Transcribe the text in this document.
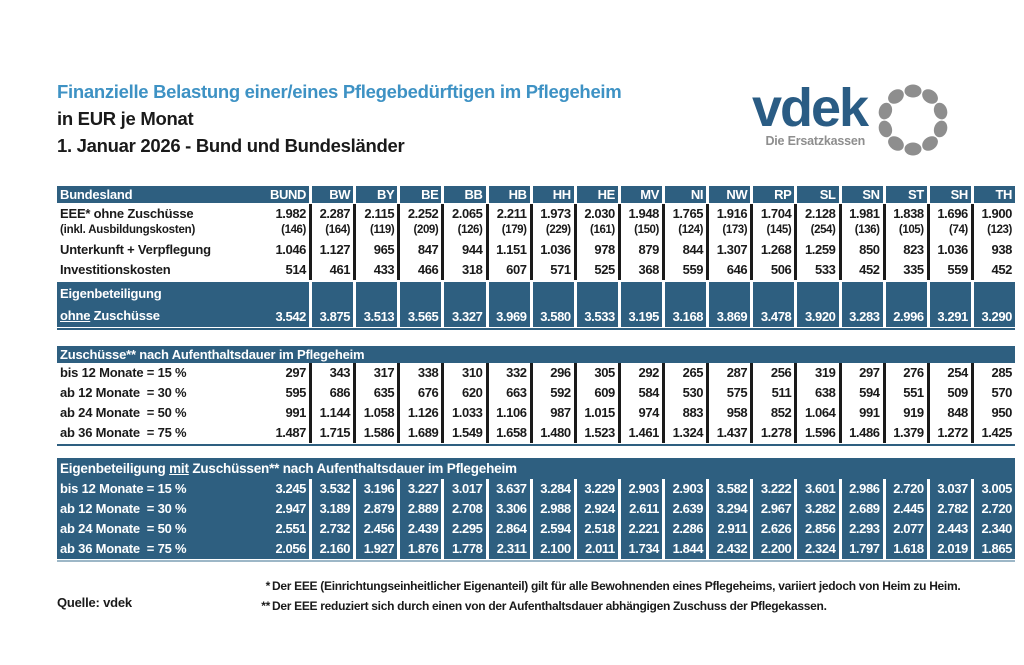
Finanzielle Belastung einer/eines Pflegebedürftigen im Pflegeheim
in EUR je Monat
1. Januar 2026 - Bund und Bundesländer
vdek
Die Ersatzkassen
Bundesland	BUND	BW	BY	BE	BB	HB	HH	HE	MV	NI	NW	RP	SL	SN	ST	SH	TH
EEE* ohne Zuschüsse	1.982	2.287	2.115	2.252	2.065	2.211	1.973	2.030	1.948	1.765	1.916	1.704	2.128	1.981	1.838	1.696	1.900
(inkl. Ausbildungskosten)	(146)	(164)	(119)	(209)	(126)	(179)	(229)	(161)	(150)	(124)	(173)	(145)	(254)	(136)	(105)	(74)	(123)
Unterkunft + Verpflegung	1.046	1.127	965	847	944	1.151	1.036	978	879	844	1.307	1.268	1.259	850	823	1.036	938
Investitionskosten	514	461	433	466	318	607	571	525	368	559	646	506	533	452	335	559	452
Eigenbeteiligung
ohne Zuschüsse	3.542	3.875	3.513	3.565	3.327	3.969	3.580	3.533	3.195	3.168	3.869	3.478	3.920	3.283	2.996	3.291	3.290
Zuschüsse** nach Aufenthaltsdauer im Pflegeheim
bis 12 Monate = 15 %	297	343	317	338	310	332	296	305	292	265	287	256	319	297	276	254	285
ab 12 Monate  = 30 %	595	686	635	676	620	663	592	609	584	530	575	511	638	594	551	509	570
ab 24 Monate  = 50 %	991	1.144	1.058	1.126	1.033	1.106	987	1.015	974	883	958	852	1.064	991	919	848	950
ab 36 Monate  = 75 %	1.487	1.715	1.586	1.689	1.549	1.658	1.480	1.523	1.461	1.324	1.437	1.278	1.596	1.486	1.379	1.272	1.425
Eigenbeteiligung mit Zuschüssen** nach Aufenthaltsdauer im Pflegeheim
bis 12 Monate = 15 %	3.245	3.532	3.196	3.227	3.017	3.637	3.284	3.229	2.903	2.903	3.582	3.222	3.601	2.986	2.720	3.037	3.005
ab 12 Monate  = 30 %	2.947	3.189	2.879	2.889	2.708	3.306	2.988	2.924	2.611	2.639	3.294	2.967	3.282	2.689	2.445	2.782	2.720
ab 24 Monate  = 50 %	2.551	2.732	2.456	2.439	2.295	2.864	2.594	2.518	2.221	2.286	2.911	2.626	2.856	2.293	2.077	2.443	2.340
ab 36 Monate  = 75 %	2.056	2.160	1.927	1.876	1.778	2.311	2.100	2.011	1.734	1.844	2.432	2.200	2.324	1.797	1.618	2.019	1.865
Quelle: vdek
* Der EEE (Einrichtungseinheitlicher Eigenanteil) gilt für alle Bewohnenden eines Pflegeheims, variiert jedoch von Heim zu Heim.
** Der EEE reduziert sich durch einen von der Aufenthaltsdauer abhängigen Zuschuss der Pflegekassen.
